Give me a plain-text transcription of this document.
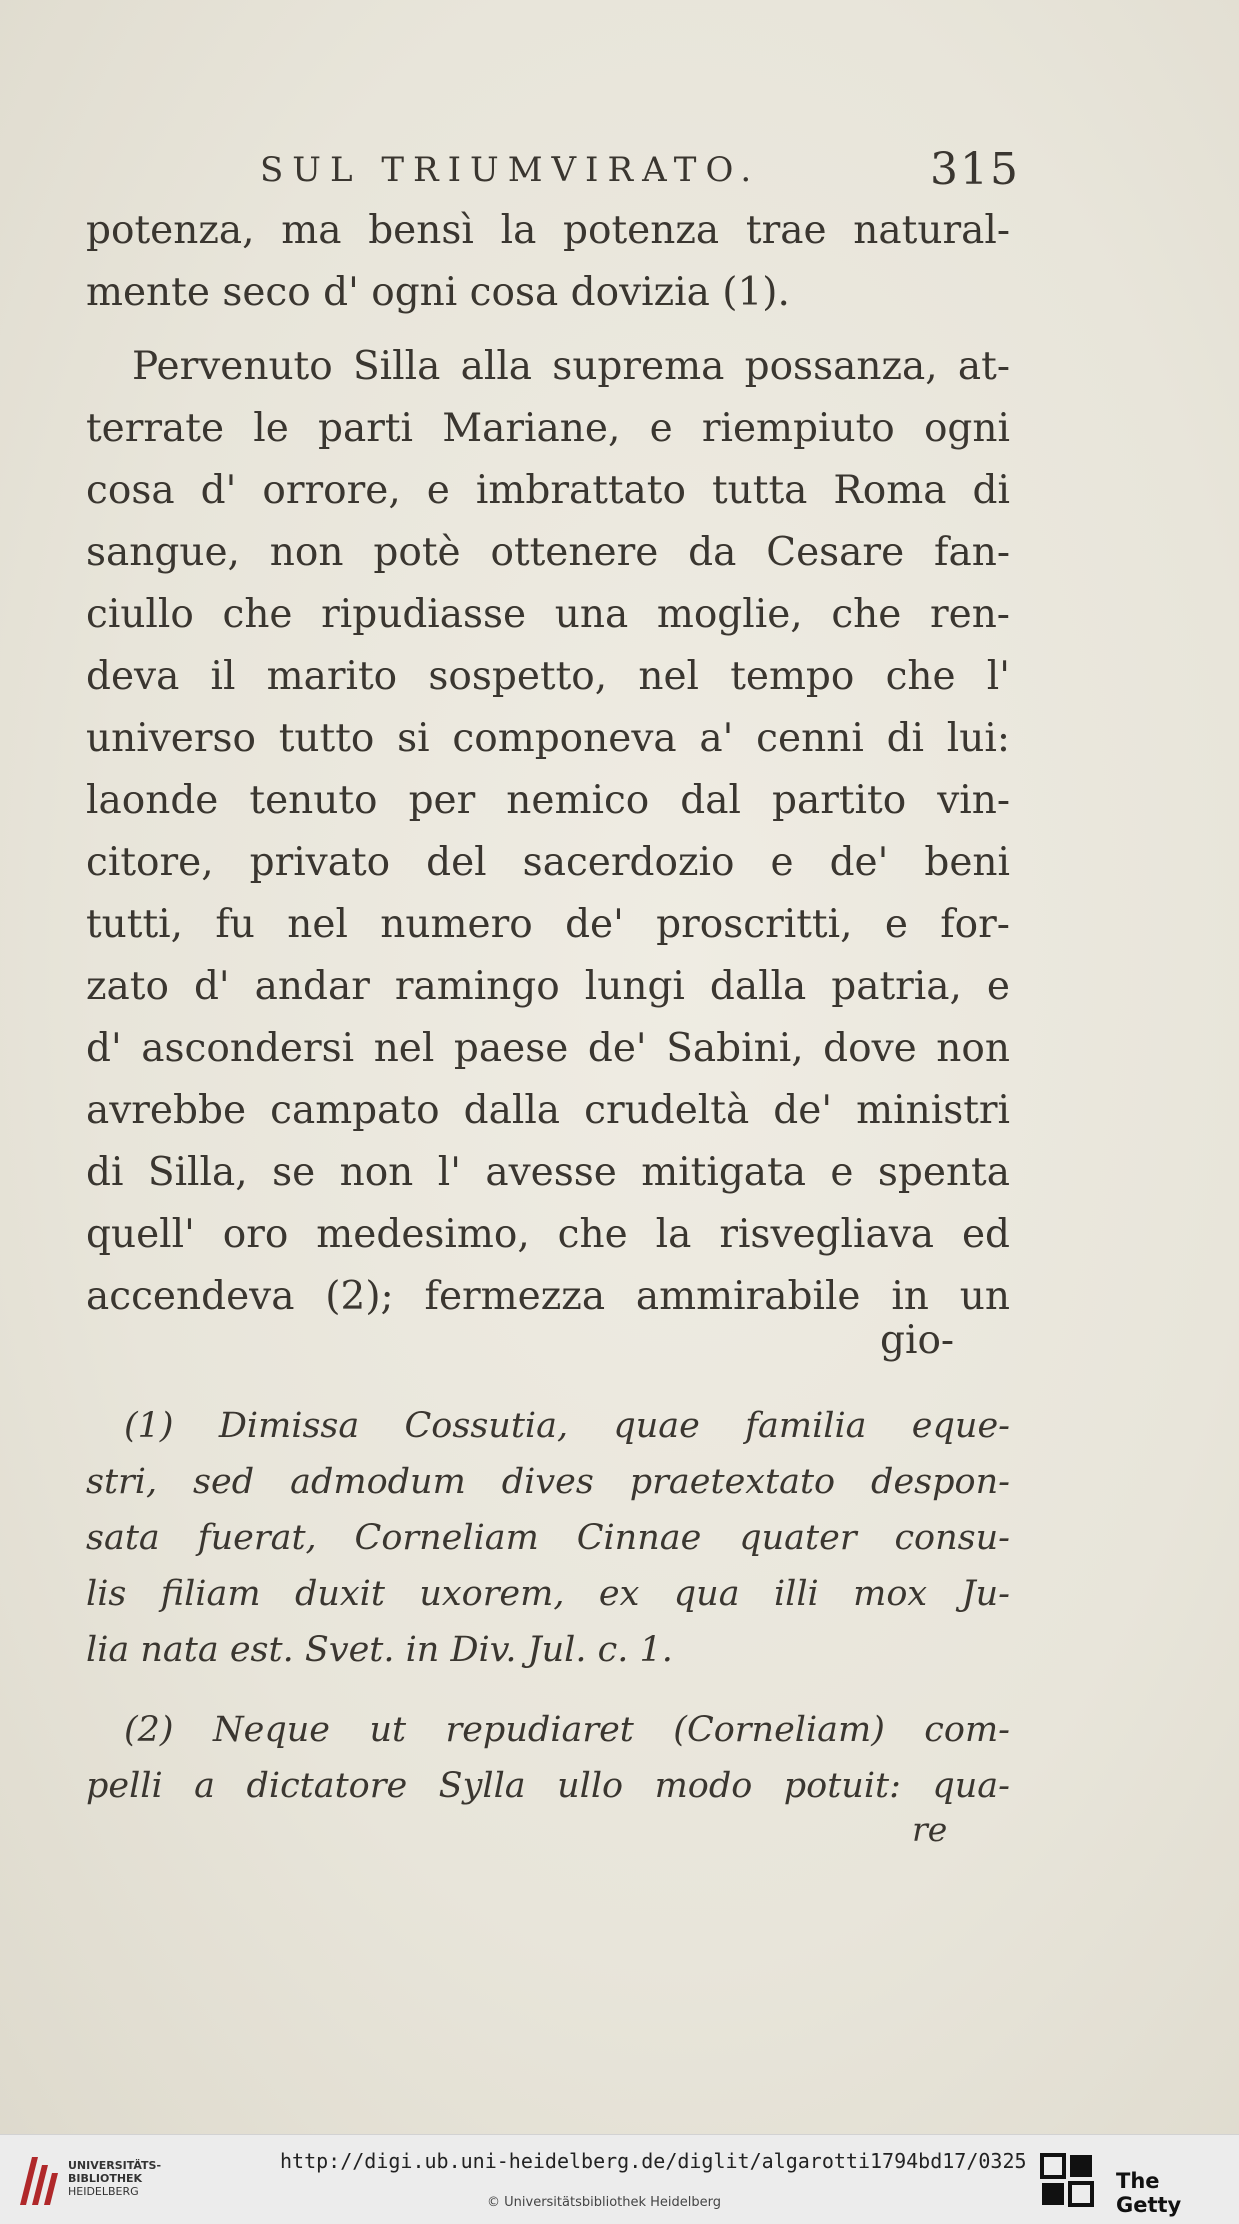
SUL TRIUMVIRATO.	315
potenza, ma bensì la potenza trae natural-
mente seco d' ogni cosa dovizia (1).
Pervenuto Silla alla suprema possanza, at-
terrate le parti Mariane, e riempiuto ogni
cosa d' orrore, e imbrattato tutta Roma di
sangue, non potè ottenere da Cesare fan-
ciullo che ripudiasse una moglie, che ren-
deva il marito sospetto, nel tempo che l'
universo tutto si componeva a' cenni di lui:
laonde tenuto per nemico dal partito vin-
citore, privato del sacerdozio e de' beni
tutti, fu nel numero de' proscritti, e for-
zato d' andar ramingo lungi dalla patria, e
d' ascondersi nel paese de' Sabini, dove non
avrebbe campato dalla crudeltà de' ministri
di Silla, se non l' avesse mitigata e spenta
quell' oro medesimo, che la risvegliava ed
accendeva (2); fermezza ammirabile in un
gio-
(1) Dimissa Cossutia, quae familia eque-
stri, sed admodum dives praetextato despon-
sata fuerat, Corneliam Cinnae quater consu-
lis filiam duxit uxorem, ex qua illi mox Ju-
lia nata est. Svet. in Div. Jul. c. 1.
(2) Neque ut repudiaret (Corneliam) com-
pelli a dictatore Sylla ullo modo potuit: qua-
re
UNIVERSITÄTS-
BIBLIOTHEK
HEIDELBERG
http://digi.ub.uni-heidelberg.de/diglit/algarotti1794bd17/0325
© Universitätsbibliothek Heidelberg
The Getty
